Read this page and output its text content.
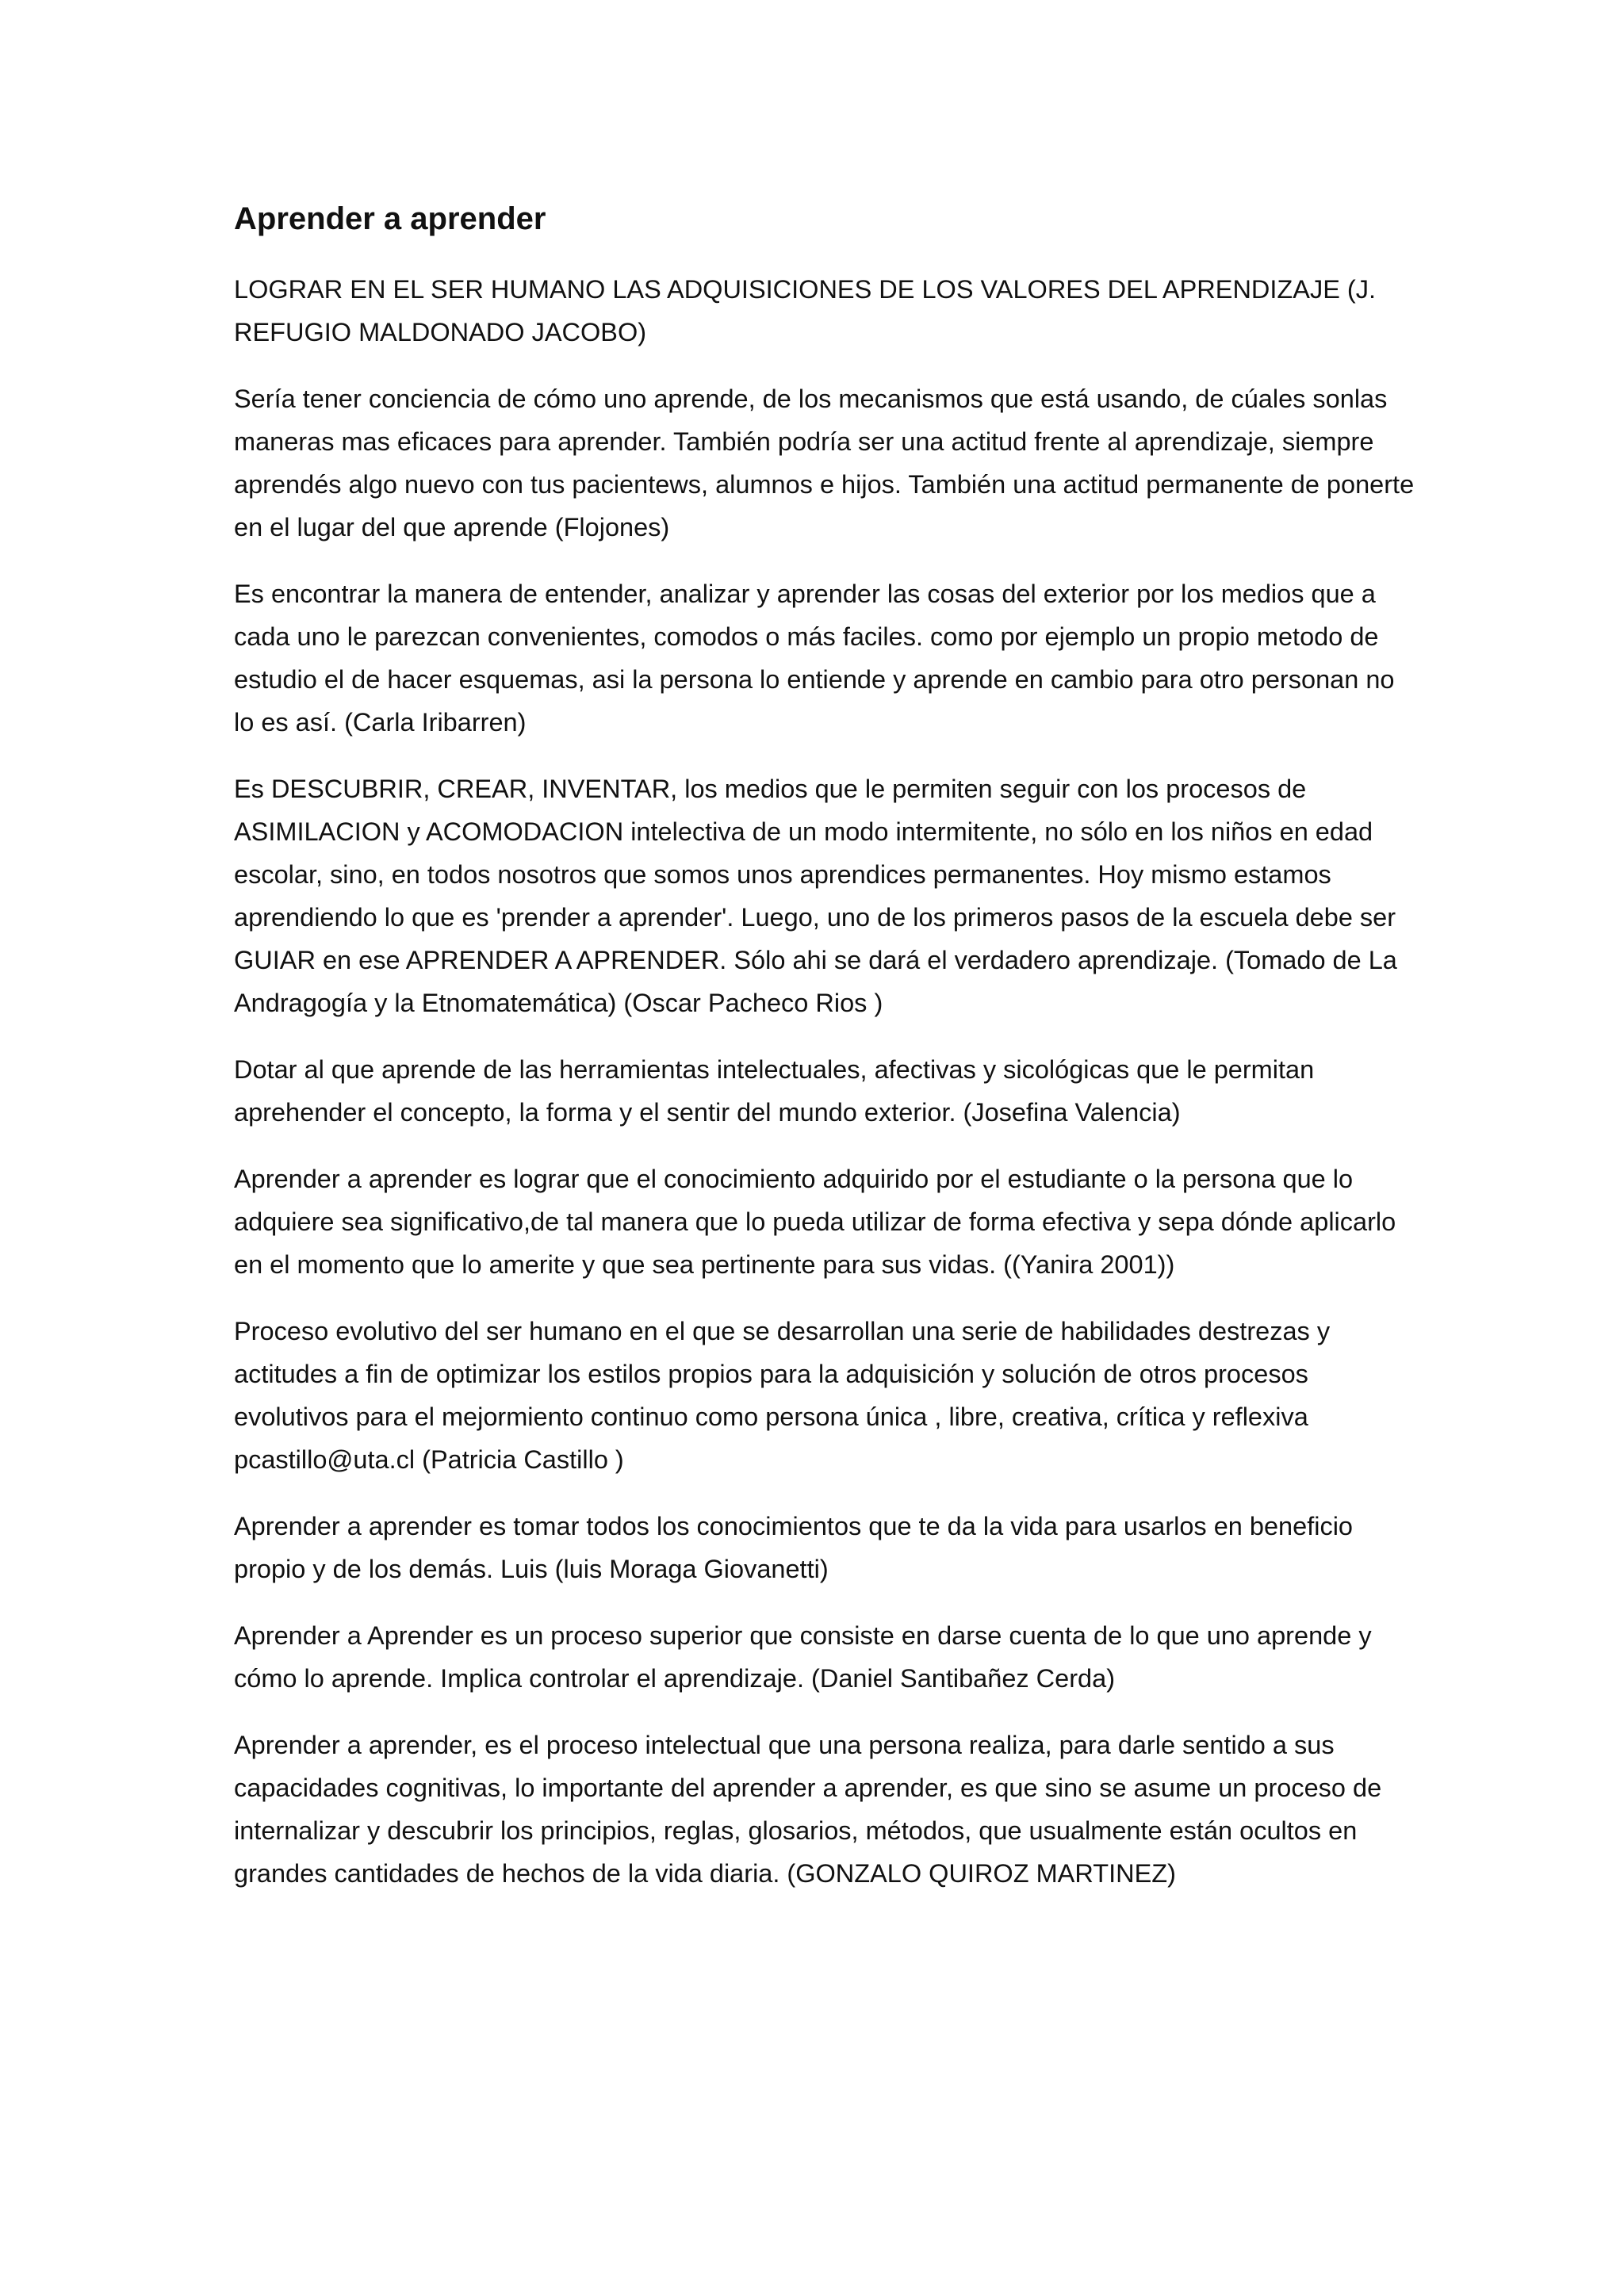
Aprender a aprender

LOGRAR EN EL SER HUMANO LAS ADQUISICIONES DE LOS VALORES DEL APRENDIZAJE (J. REFUGIO MALDONADO JACOBO)

Sería tener conciencia de cómo uno aprende, de los mecanismos que está usando, de cúales sonlas maneras mas eficaces para aprender. También podría ser una actitud frente al aprendizaje, siempre aprendés algo nuevo con tus pacientews, alumnos e hijos. También una actitud permanente de ponerte en el lugar del que aprende (Flojones)

Es encontrar la manera de entender, analizar y aprender las cosas del exterior por los medios que a cada uno le parezcan convenientes, comodos o más faciles. como por ejemplo un propio metodo de estudio el de hacer esquemas, asi la persona lo entiende y aprende en cambio para otro personan no lo es así. (Carla Iribarren)

Es DESCUBRIR, CREAR, INVENTAR, los medios que le permiten seguir con los procesos de ASIMILACION y ACOMODACION intelectiva de un modo intermitente, no sólo en los niños en edad escolar, sino, en todos nosotros que somos unos aprendices permanentes. Hoy mismo estamos aprendiendo lo que es 'prender a aprender'. Luego, uno de los primeros pasos de la escuela debe ser GUIAR en ese APRENDER A APRENDER. Sólo ahi se dará el verdadero aprendizaje. (Tomado de La Andragogía y la Etnomatemática) (Oscar Pacheco Rios )

Dotar al que aprende de las herramientas intelectuales, afectivas y sicológicas que le permitan aprehender el concepto, la forma y el sentir del mundo exterior. (Josefina Valencia)

Aprender a aprender es lograr que el conocimiento adquirido por el estudiante o la persona que lo adquiere sea significativo,de tal manera que lo pueda utilizar de forma efectiva y sepa dónde aplicarlo en el momento que lo amerite y que sea pertinente para sus vidas. ((Yanira 2001))

Proceso evolutivo del ser humano en el que se desarrollan una serie de habilidades destrezas y actitudes a fin de optimizar los estilos propios para la adquisición y solución de otros procesos evolutivos para el mejormiento continuo como persona única , libre, creativa, crítica y reflexiva pcastillo@uta.cl (Patricia Castillo )

Aprender a aprender es tomar todos los conocimientos que te da la vida para usarlos en beneficio propio y de los demás. Luis (luis Moraga Giovanetti)

Aprender a Aprender es un proceso superior que consiste en darse cuenta de lo que uno aprende y cómo lo aprende. Implica controlar el aprendizaje. (Daniel Santibañez Cerda)

Aprender a aprender, es el proceso intelectual que una persona realiza, para darle sentido a sus capacidades cognitivas, lo importante del aprender a aprender, es que sino se asume un proceso de internalizar y descubrir los principios, reglas, glosarios, métodos, que usualmente están ocultos en grandes cantidades de hechos de la vida diaria. (GONZALO QUIROZ MARTINEZ)
